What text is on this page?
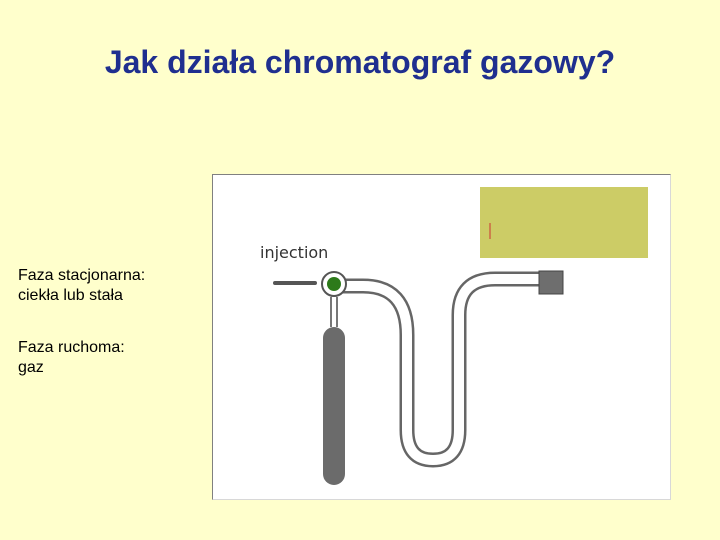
Jak działa chromatograf gazowy?
Faza stacjonarna:
ciekła lub stała
Faza ruchoma:
gaz
injection
